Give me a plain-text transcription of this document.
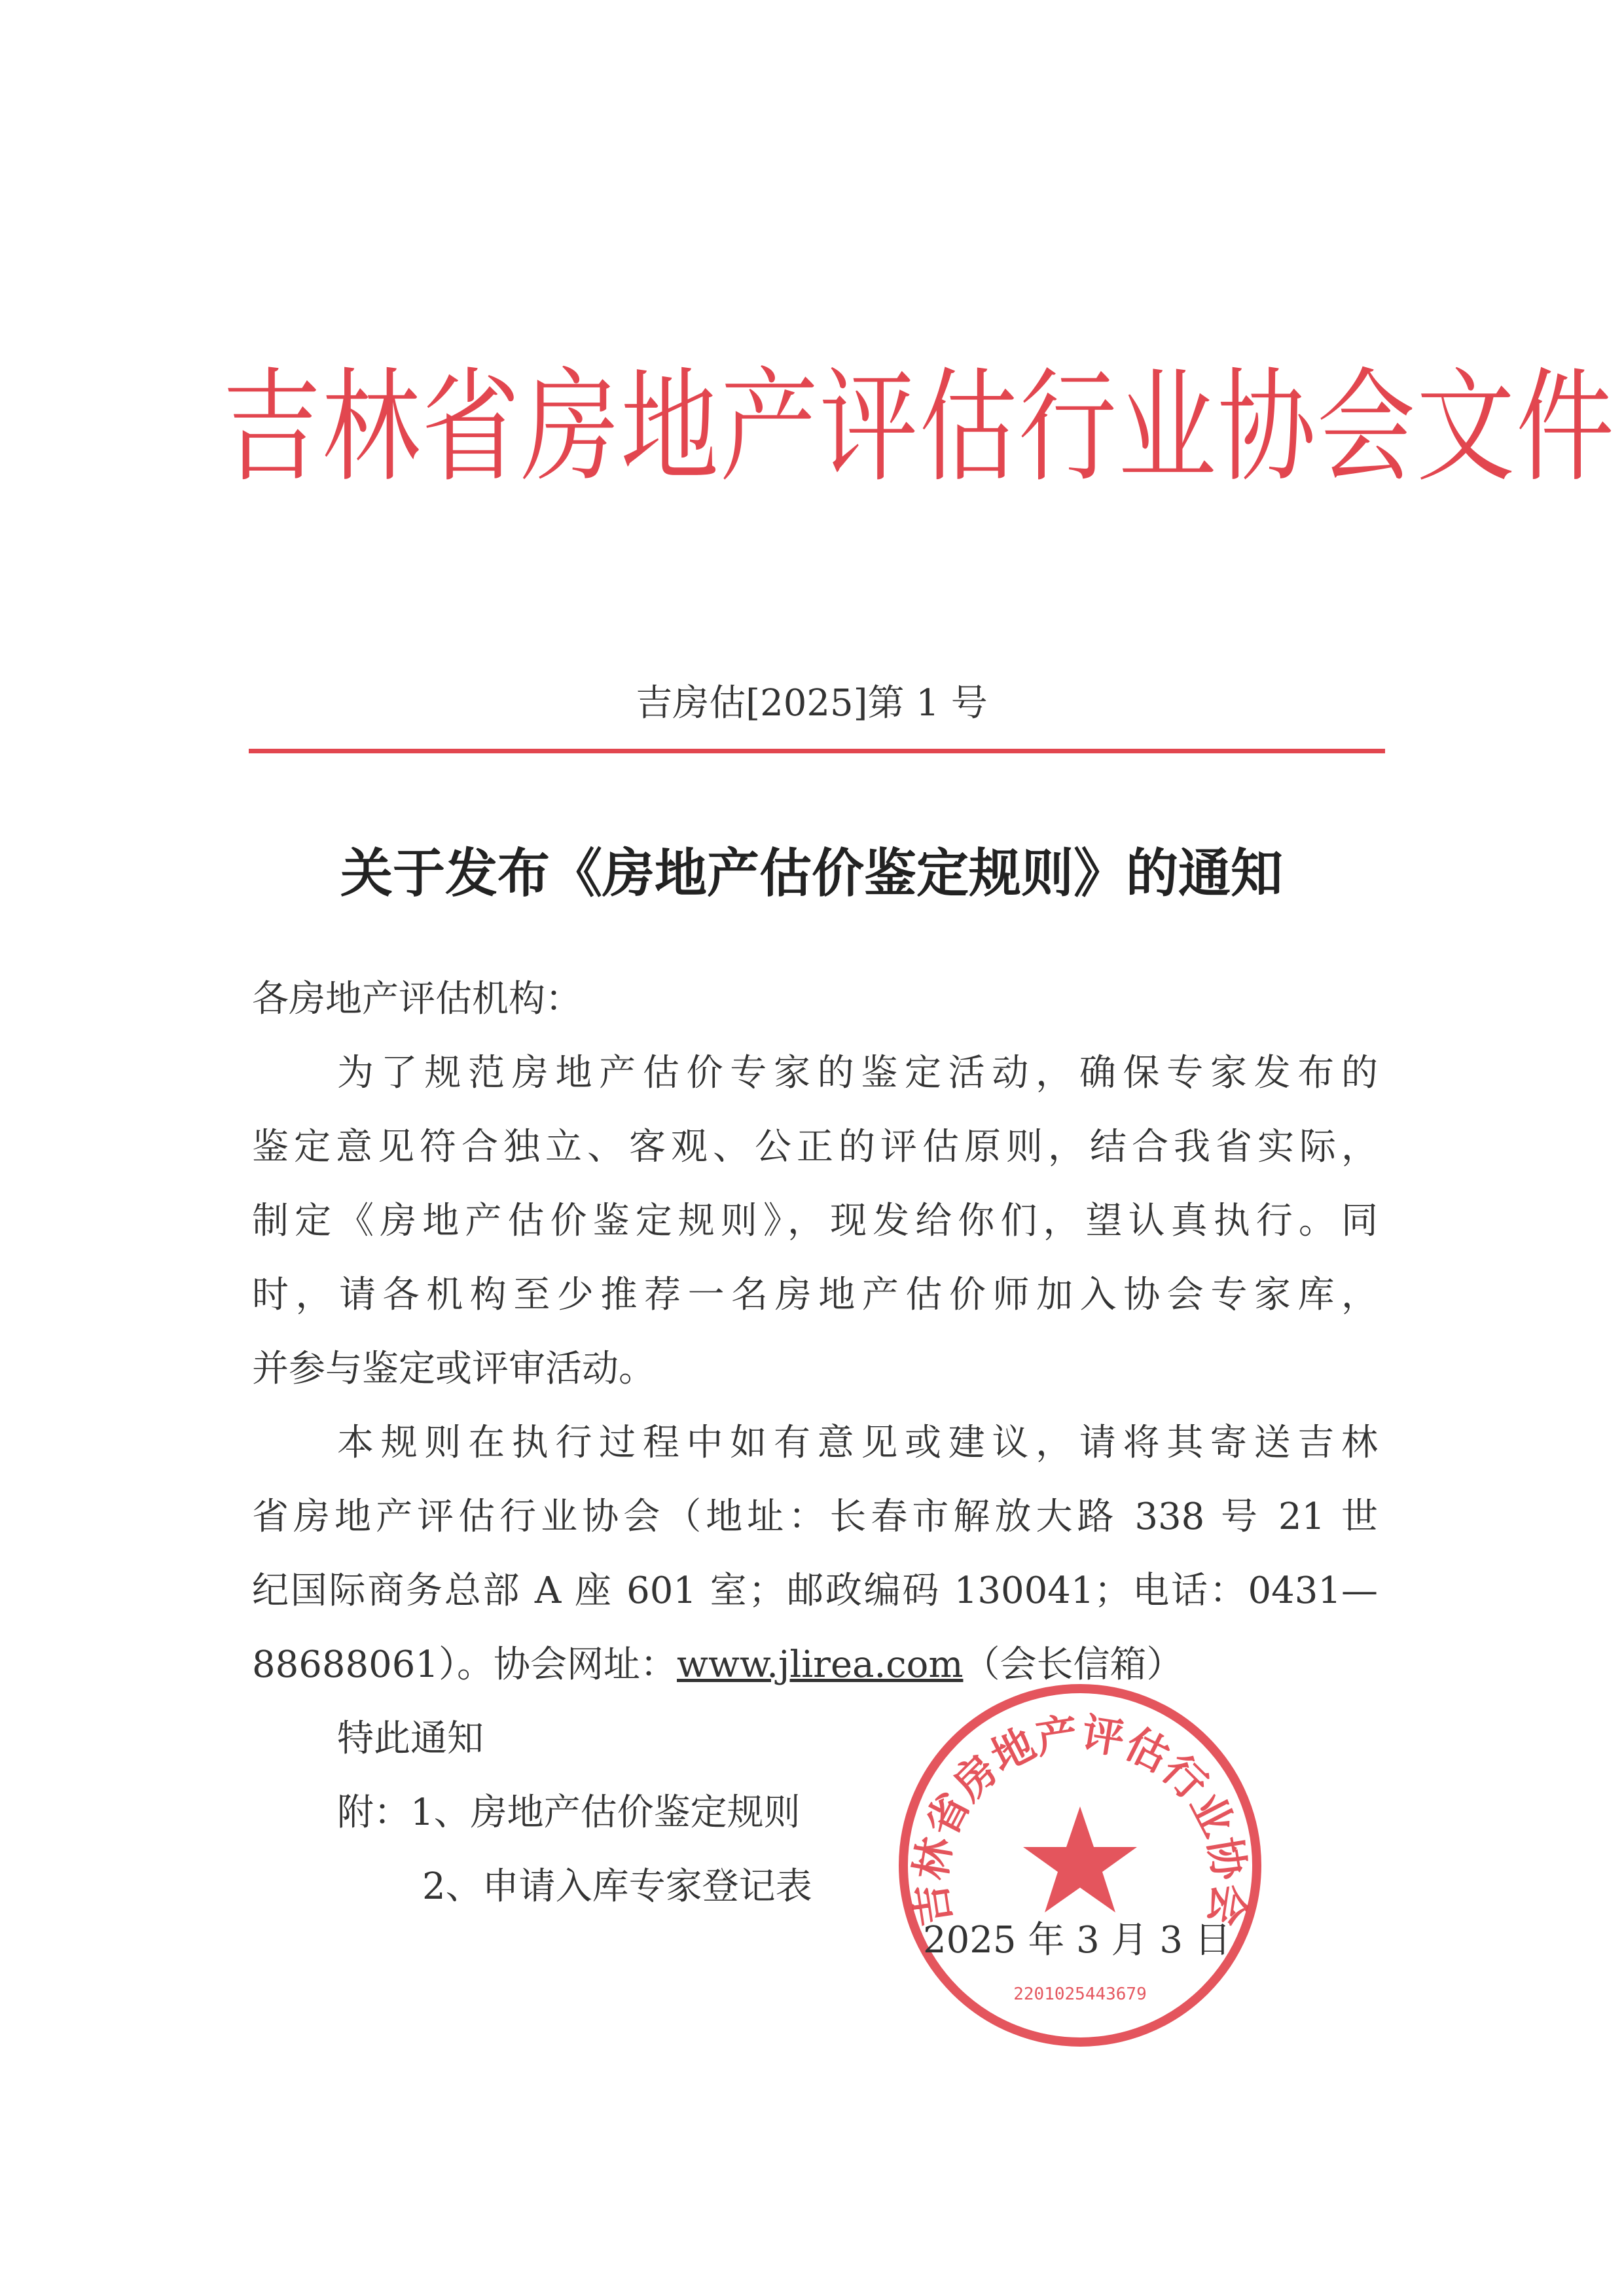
吉林省房地产评估行业协会文件
吉房估[2025]第 1 号
关于发布《房地产估价鉴定规则》的通知
各房地产评估机构：
为了规范房地产估价专家的鉴定活动，确保专家发布的
鉴定意见符合独立、客观、公正的评估原则，结合我省实际，
制定《房地产估价鉴定规则》，现发给你们，望认真执行。同
时，请各机构至少推荐一名房地产估价师加入协会专家库，
并参与鉴定或评审活动。
本规则在执行过程中如有意见或建议，请将其寄送吉林
省房地产评估行业协会（地址：长春市解放大路 338 号 21 世
纪国际商务总部 A 座 601 室；邮政编码 130041；电话：0431—
88688061）。协会网址：www.jlirea.com（会长信箱）
特此通知
附：1、房地产估价鉴定规则
2、申请入库专家登记表	吉林省房地产评估行业协会
2201025443679
2025 年 3 月 3 日
